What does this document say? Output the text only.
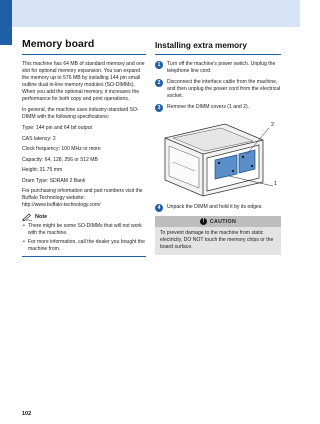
Memory board

This machine has 64 MB of standard memory and one slot for optional memory expansion. You can expand the memory up to 576 MB by installing 144 pin small outline dual in-line memory modules (SO-DIMMs). When you add the optional memory, it increases the performance for both copy and print operations.

In general, the machine uses industry-standard SO-DIMM with the following specifications:

Type: 144 pin and 64 bit output

CAS latency: 2

Clock frequency: 100 MHz or more

Capacity: 64, 128, 256 or 512 MB

Height: 31.75 mm

Dram Type: SDRAM 2 Bank

For purchasing information and part numbers visit the Buffalo Technology website:
http://www.buffalo-technology.com/

Note
• There might be some SO-DIMMs that will not work with the machine.
• For more information, call the dealer you bought the machine from.
Installing extra memory
1	Turn off the machine's power switch. Unplug the telephone line cord.
2	Disconnect the interface cable from the machine, and then unplug the power cord from the electrical socket.
3	Remove the DIMM covers (1 and 2).
2
1
4	Unpack the DIMM and hold it by its edges.
!	CAUTION

To prevent damage to the machine from static electricity, DO NOT touch the memory chips or the board surface.

102
